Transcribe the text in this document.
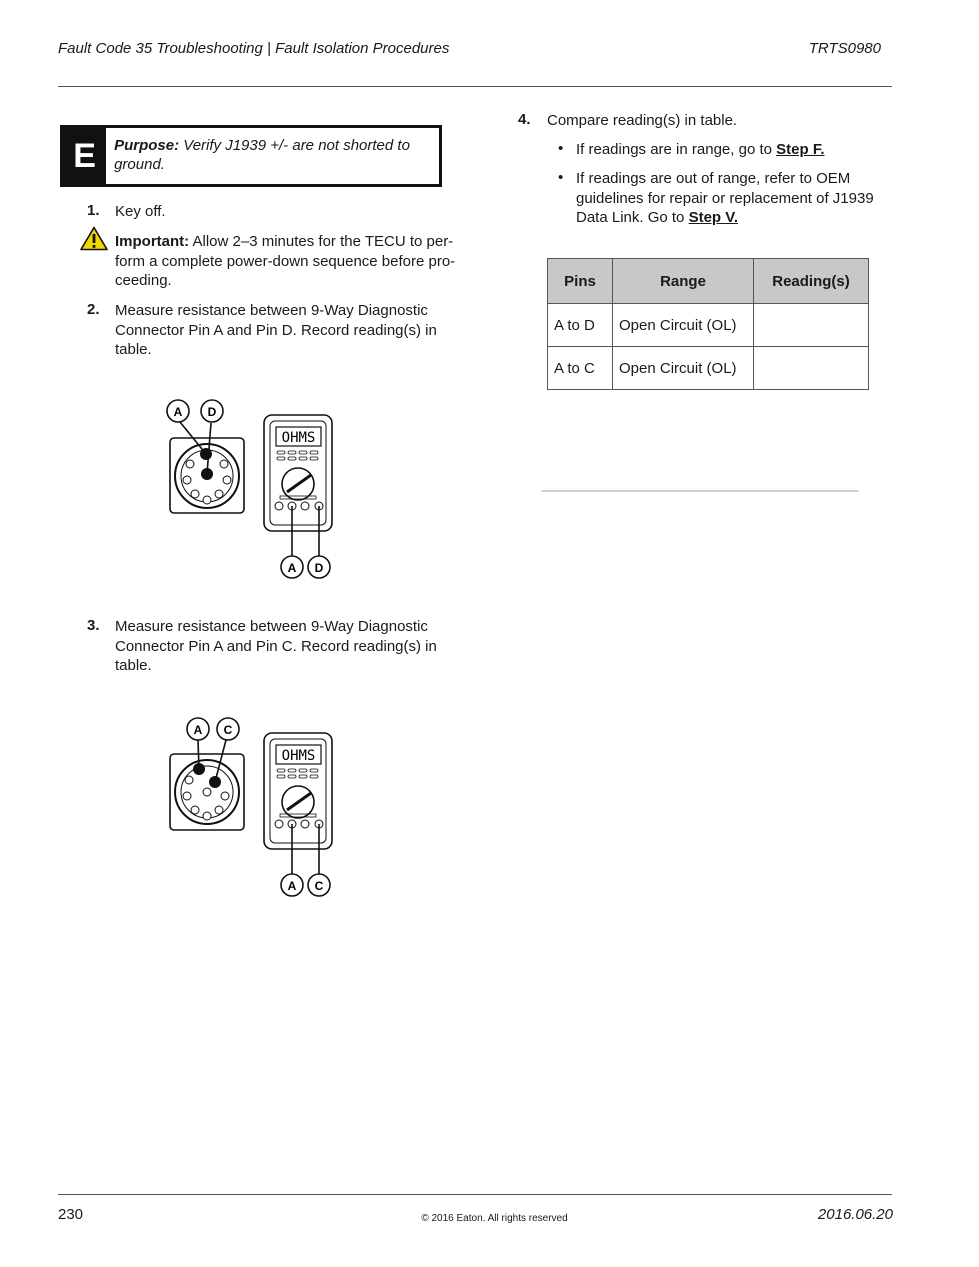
Fault Code 35 Troubleshooting | Fault Isolation Procedures	TRTS0980
E	Purpose: Verify J1939 +/- are not shorted to ground.
1. Key off.
Important: Allow 2–3 minutes for the TECU to per-
form a complete power-down sequence before pro-
ceeding.
2. Measure resistance between 9-Way Diagnostic
Connector Pin A and Pin D. Record reading(s) in
table.
A D
OHMS
A D
3. Measure resistance between 9-Way Diagnostic
Connector Pin A and Pin C. Record reading(s) in
table.
A C
OHMS
A C
4. Compare reading(s) in table.
• If readings are in range, go to Step F.
• If readings are out of range, refer to OEM
guidelines for repair or replacement of J1939
Data Link. Go to Step V.
Pins	Range	Reading(s)
A to D	Open Circuit (OL)	
A to C	Open Circuit (OL)	
230	© 2016 Eaton. All rights reserved	2016.06.20
